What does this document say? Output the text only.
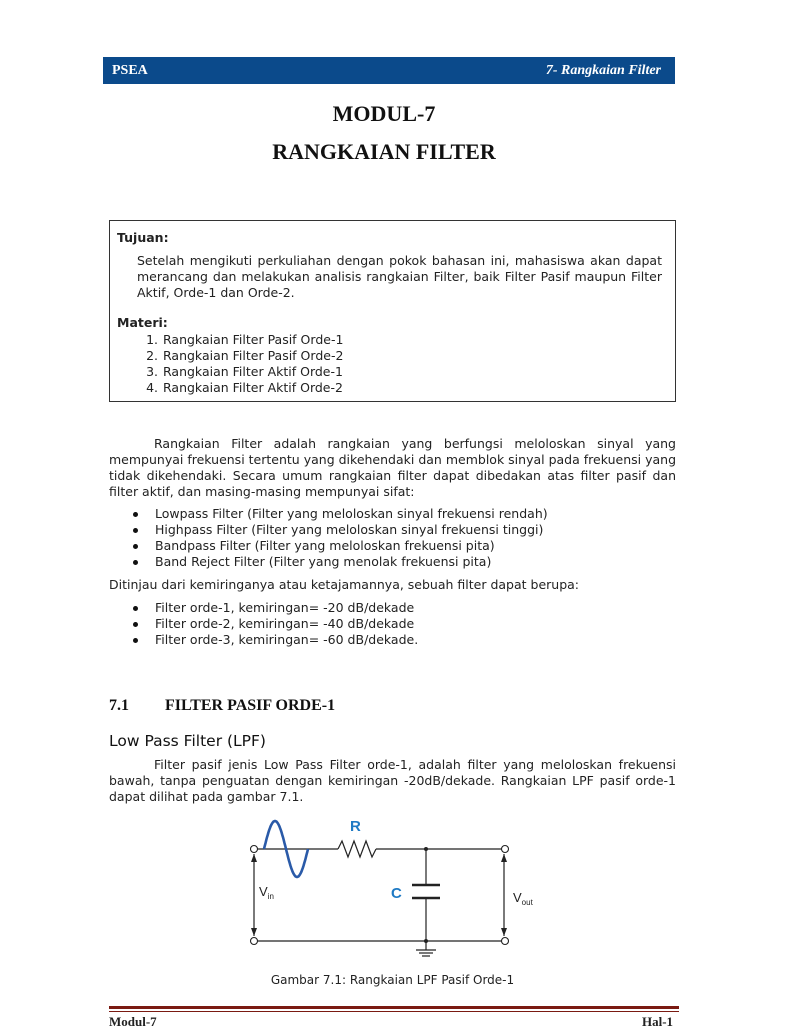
PSEA	7- Rangkaian Filter
MODUL-7
RANGKAIAN FILTER
Tujuan:

Setelah mengikuti perkuliahan dengan pokok bahasan ini, mahasiswa akan dapat merancang dan melakukan analisis rangkaian Filter, baik Filter Pasif maupun Filter Aktif, Orde-1 dan Orde-2.

Materi:
1. Rangkaian Filter Pasif Orde-1
2. Rangkaian Filter Pasif Orde-2
3. Rangkaian Filter Aktif Orde-1
4. Rangkaian Filter Aktif Orde-2

Rangkaian Filter adalah rangkaian yang berfungsi meloloskan sinyal yang mempunyai frekuensi tertentu yang dikehendaki dan memblok sinyal pada frekuensi yang tidak dikehendaki. Secara umum rangkaian filter dapat dibedakan atas filter pasif dan filter aktif, dan masing-masing mempunyai sifat:

Lowpass Filter (Filter yang meloloskan sinyal frekuensi rendah)
Highpass Filter (Filter yang meloloskan sinyal frekuensi tinggi)
Bandpass Filter (Filter yang meloloskan frekuensi pita)
Band Reject Filter (Filter yang menolak frekuensi pita)

Ditinjau dari kemiringanya atau ketajamannya, sebuah filter dapat berupa:

Filter orde-1, kemiringan= -20 dB/dekade
Filter orde-2, kemiringan= -40 dB/dekade
Filter orde-3, kemiringan= -60 dB/dekade.
7.1 FILTER PASIF ORDE-1
Low Pass Filter (LPF)

Filter pasif jenis Low Pass Filter orde-1, adalah filter yang meloloskan frekuensi bawah, tanpa penguatan dengan kemiringan -20dB/dekade. Rangkaian LPF pasif orde-1 dapat dilihat pada gambar 7.1.

R
C
$V_{in}$	$V_{out}$
Gambar 7.1: Rangkaian LPF Pasif Orde-1
Modul-7	Hal-1
